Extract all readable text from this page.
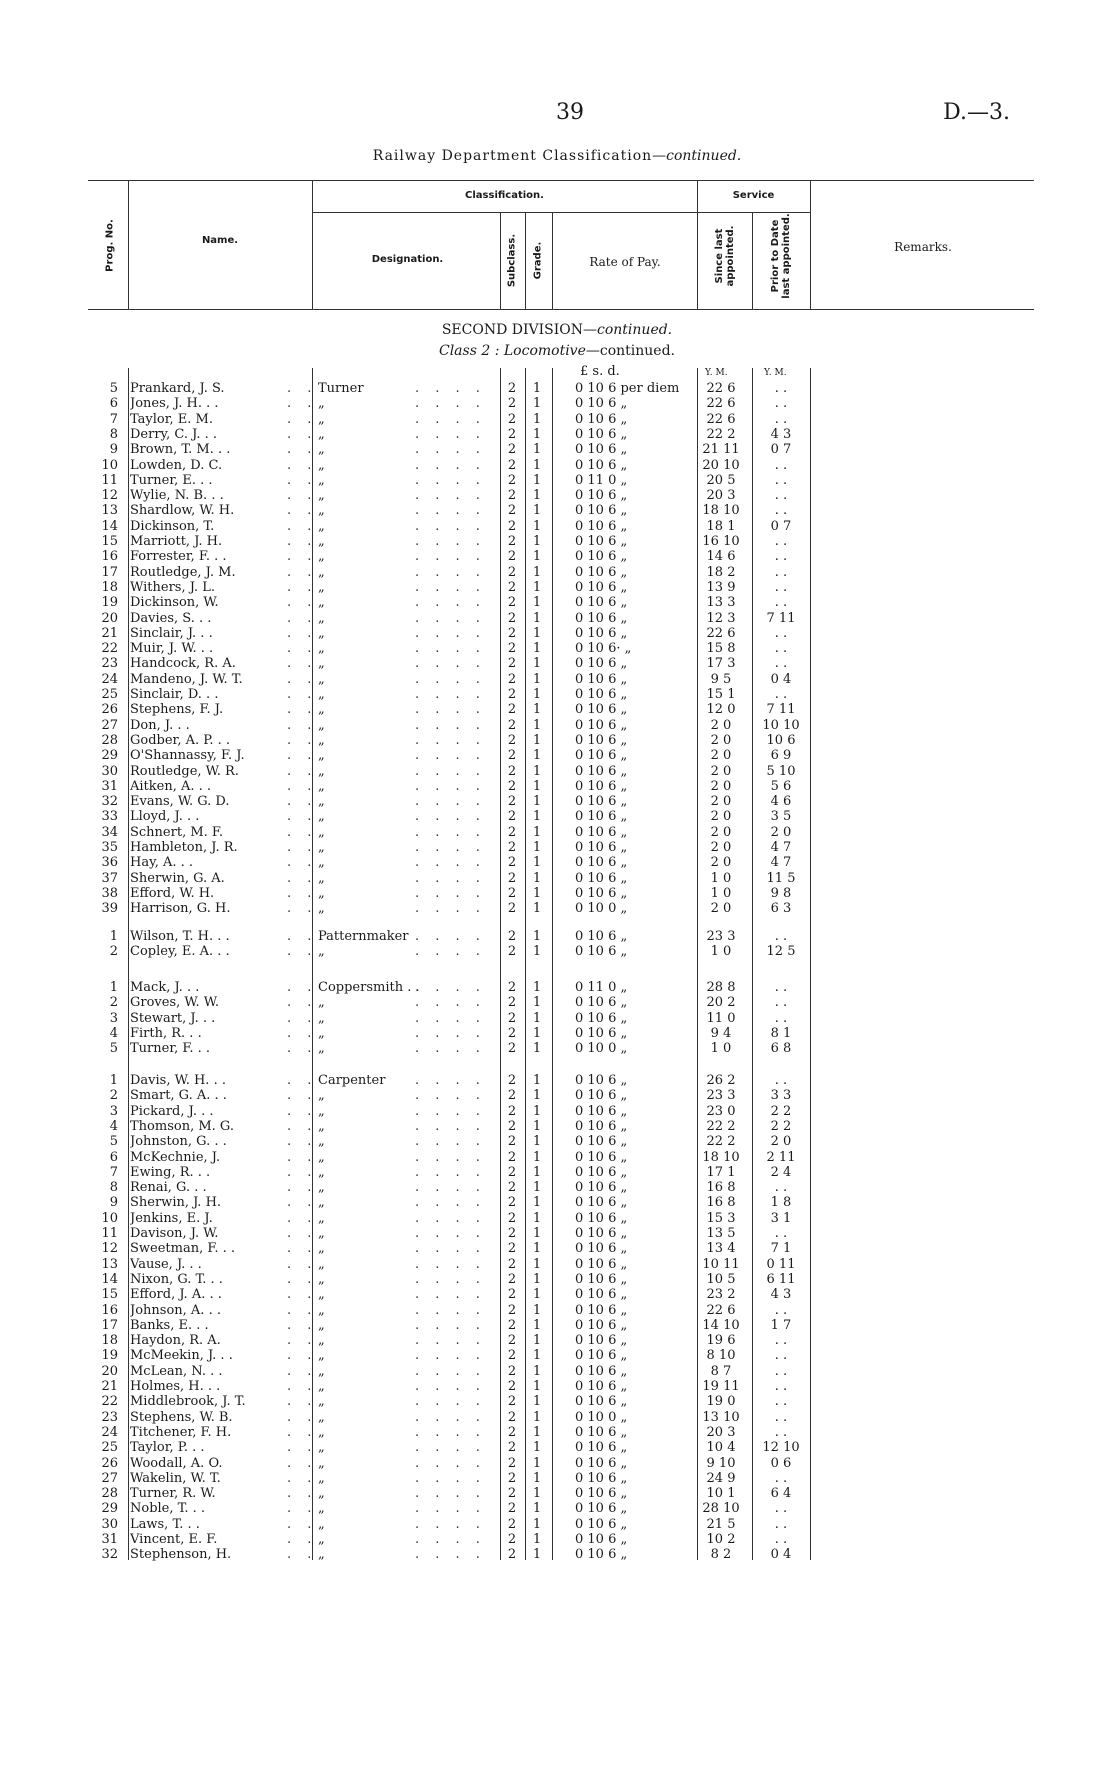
39	D.—3.
Railway Department Classification—continued.
Prog. No.	Name.
Classification.
Designation.	Subclass. Grade.	Rate of Pay.
Service
Since last appointed.	Prior to Date last appointed.	Remarks.
SECOND DIVISION—continued.
Class 2 : Locomotive—continued.
£ s. d.	Y. M.	Y. M.
5 Prankard, J. S.	Turner	2	1	0 10 6 per diem	22 6	. .
. .	. . . .
6 Jones, J. H. . .	„	2	1	0 10 6 „	22 6	. .
. .	. . . .
7 Taylor, E. M.	„	2	1	0 10 6 „	22 6	. .
. .	. . . .
8 Derry, C. J. . .	„	2	1	0 10 6 „	22 2	4 3
. .	. . . .
9 Brown, T. M. . .	„	2	1	0 10 6 „	21 11	0 7
. .	. . . .
10 Lowden, D. C.	„	2	1	0 10 6 „	20 10	. .
. .	. . . .
11 Turner, E. . .	„	2	1	0 11 0 „	20 5	. .
. .	. . . .
12 Wylie, N. B. . .	„	2	1	0 10 6 „	20 3	. .
. .	. . . .
13 Shardlow, W. H.	„	2	1	0 10 6 „	18 10	. .
. .	. . . .
14 Dickinson, T.	„	2	1	0 10 6 „	18 1	0 7
. .	. . . .
15 Marriott, J. H.	„	2	1	0 10 6 „	16 10	. .
. .	. . . .
16 Forrester, F. . .	„	2	1	0 10 6 „	14 6	. .
. .	. . . .
17 Routledge, J. M.	„	2	1	0 10 6 „	18 2	. .
. .	. . . .
18 Withers, J. L.	„	2	1	0 10 6 „	13 9	. .
. .	. . . .
19 Dickinson, W.	„	2	1	0 10 6 „	13 3	. .
. .	. . . .
20 Davies, S. . .	„	2	1	0 10 6 „	12 3	7 11
. .	. . . .
21 Sinclair, J. . .	„	2	1	0 10 6 „	22 6	. .
. .	. . . .
22 Muir, J. W. . .	„	2	1	0 10 6· „	15 8	. .
. .	. . . .
23 Handcock, R. A.	„	2	1	0 10 6 „	17 3	. .
. .	. . . .
24 Mandeno, J. W. T.	„	2	1	0 10 6 „	9 5	0 4
. .	. . . .
25 Sinclair, D. . .	„	2	1	0 10 6 „	15 1	. .
. .	. . . .
26 Stephens, F. J.	„	2	1	0 10 6 „	12 0	7 11
. .	. . . .
27 Don, J. . .	„	2	1	0 10 6 „	2 0	10 10
. .	. . . .
28 Godber, A. P. . .	„	2	1	0 10 6 „	2 0	10 6
. .	. . . .
29 O'Shannassy, F. J.	„	2	1	0 10 6 „	2 0	6 9
. .	. . . .
30 Routledge, W. R.	„	2	1	0 10 6 „	2 0	5 10
. .	. . . .
31 Aitken, A. . .	„	2	1	0 10 6 „	2 0	5 6
. .	. . . .
32 Evans, W. G. D.	„	2	1	0 10 6 „	2 0	4 6
. .	. . . .
33 Lloyd, J. . .	„	2	1	0 10 6 „	2 0	3 5
. .	. . . .
34 Schnert, M. F.	„	2	1	0 10 6 „	2 0	2 0
. .	. . . .
35 Hambleton, J. R.	„	2	1	0 10 6 „	2 0	4 7
. .	. . . .
36 Hay, A. . .	„	2	1	0 10 6 „	2 0	4 7
. .	. . . .
37 Sherwin, G. A.	„	2	1	0 10 6 „	1 0	11 5
. .	. . . .
38 Efford, W. H.	„	2	1	0 10 6 „	1 0	9 8
. .	. . . .
39 Harrison, G. H.	„	2	1	0 10 0 „	2 0	6 3
. .	. . . .
1 Wilson, T. H. . .	Patternmaker	2	1	0 10 6 „	23 3	. .
. .	. . . .
2 Copley, E. A. . .	„	2	1	0 10 6 „	1 0	12 5
. .	. . . .
1 Mack, J. . .	Coppersmith . .	2	1	0 11 0 „	28 8	. .
. .	. . . .
2 Groves, W. W.	„	2	1	0 10 6 „	20 2	. .
. .	. . . .
3 Stewart, J. . .	„	2	1	0 10 6 „	11 0	. .
. .	. . . .
4 Firth, R. . .	„	2	1	0 10 6 „	9 4	8 1
. .	. . . .
5 Turner, F. . .	„	2	1	0 10 0 „	1 0	6 8
. .	. . . .
1 Davis, W. H. . .	Carpenter	2	1	0 10 6 „	26 2	. .
. .	. . . .
2 Smart, G. A. . .	„	2	1	0 10 6 „	23 3	3 3
. .	. . . .
3 Pickard, J. . .	„	2	1	0 10 6 „	23 0	2 2
. .	. . . .
4 Thomson, M. G.	„	2	1	0 10 6 „	22 2	2 2
. .	. . . .
5 Johnston, G. . .	„	2	1	0 10 6 „	22 2	2 0
. .	. . . .
6 McKechnie, J.	„	2	1	0 10 6 „	18 10	2 11
. .	. . . .
7 Ewing, R. . .	„	2	1	0 10 6 „	17 1	2 4
. .	. . . .
8 Renai, G. . .	„	2	1	0 10 6 „	16 8	. .
. .	. . . .
9 Sherwin, J. H.	„	2	1	0 10 6 „	16 8	1 8
. .	. . . .
10 Jenkins, E. J.	„	2	1	0 10 6 „	15 3	3 1
. .	. . . .
11 Davison, J. W.	„	2	1	0 10 6 „	13 5	. .
. .	. . . .
12 Sweetman, F. . .	„	2	1	0 10 6 „	13 4	7 1
. .	. . . .
13 Vause, J. . .	„	2	1	0 10 6 „	10 11	0 11
. .	. . . .
14 Nixon, G. T. . .	„	2	1	0 10 6 „	10 5	6 11
. .	. . . .
15 Efford, J. A. . .	„	2	1	0 10 6 „	23 2	4 3
. .	. . . .
16 Johnson, A. . .	„	2	1	0 10 6 „	22 6	. .
. .	. . . .
17 Banks, E. . .	„	2	1	0 10 6 „	14 10	1 7
. .	. . . .
18 Haydon, R. A.	„	2	1	0 10 6 „	19 6	. .
. .	. . . .
19 McMeekin, J. . .	„	2	1	0 10 6 „	8 10	. .
. .	. . . .
20 McLean, N. . .	„	2	1	0 10 6 „	8 7	. .
. .	. . . .
21 Holmes, H. . .	„	2	1	0 10 6 „	19 11	. .
. .	. . . .
22 Middlebrook, J. T.	„	2	1	0 10 6 „	19 0	. .
. .	. . . .
23 Stephens, W. B.	„	2	1	0 10 0 „	13 10	. .
. .	. . . .
24 Titchener, F. H.	„	2	1	0 10 6 „	20 3	. .
. .	. . . .
25 Taylor, P. . .	„	2	1	0 10 6 „	10 4	12 10
. .	. . . .
26 Woodall, A. O.	„	2	1	0 10 6 „	9 10	0 6
. .	. . . .
27 Wakelin, W. T.	„	2	1	0 10 6 „	24 9	. .
. .	. . . .
28 Turner, R. W.	„	2	1	0 10 6 „	10 1	6 4
. .	. . . .
29 Noble, T. . .	„	2	1	0 10 6 „	28 10	. .
. .	. . . .
30 Laws, T. . .	„	2	1	0 10 6 „	21 5	. .
. .	. . . .
31 Vincent, E. F.	„	2	1	0 10 6 „	10 2	. .
. .	. . . .
32 Stephenson, H.	„	2	1	0 10 6 „	8 2	0 4
. .	. . . .
